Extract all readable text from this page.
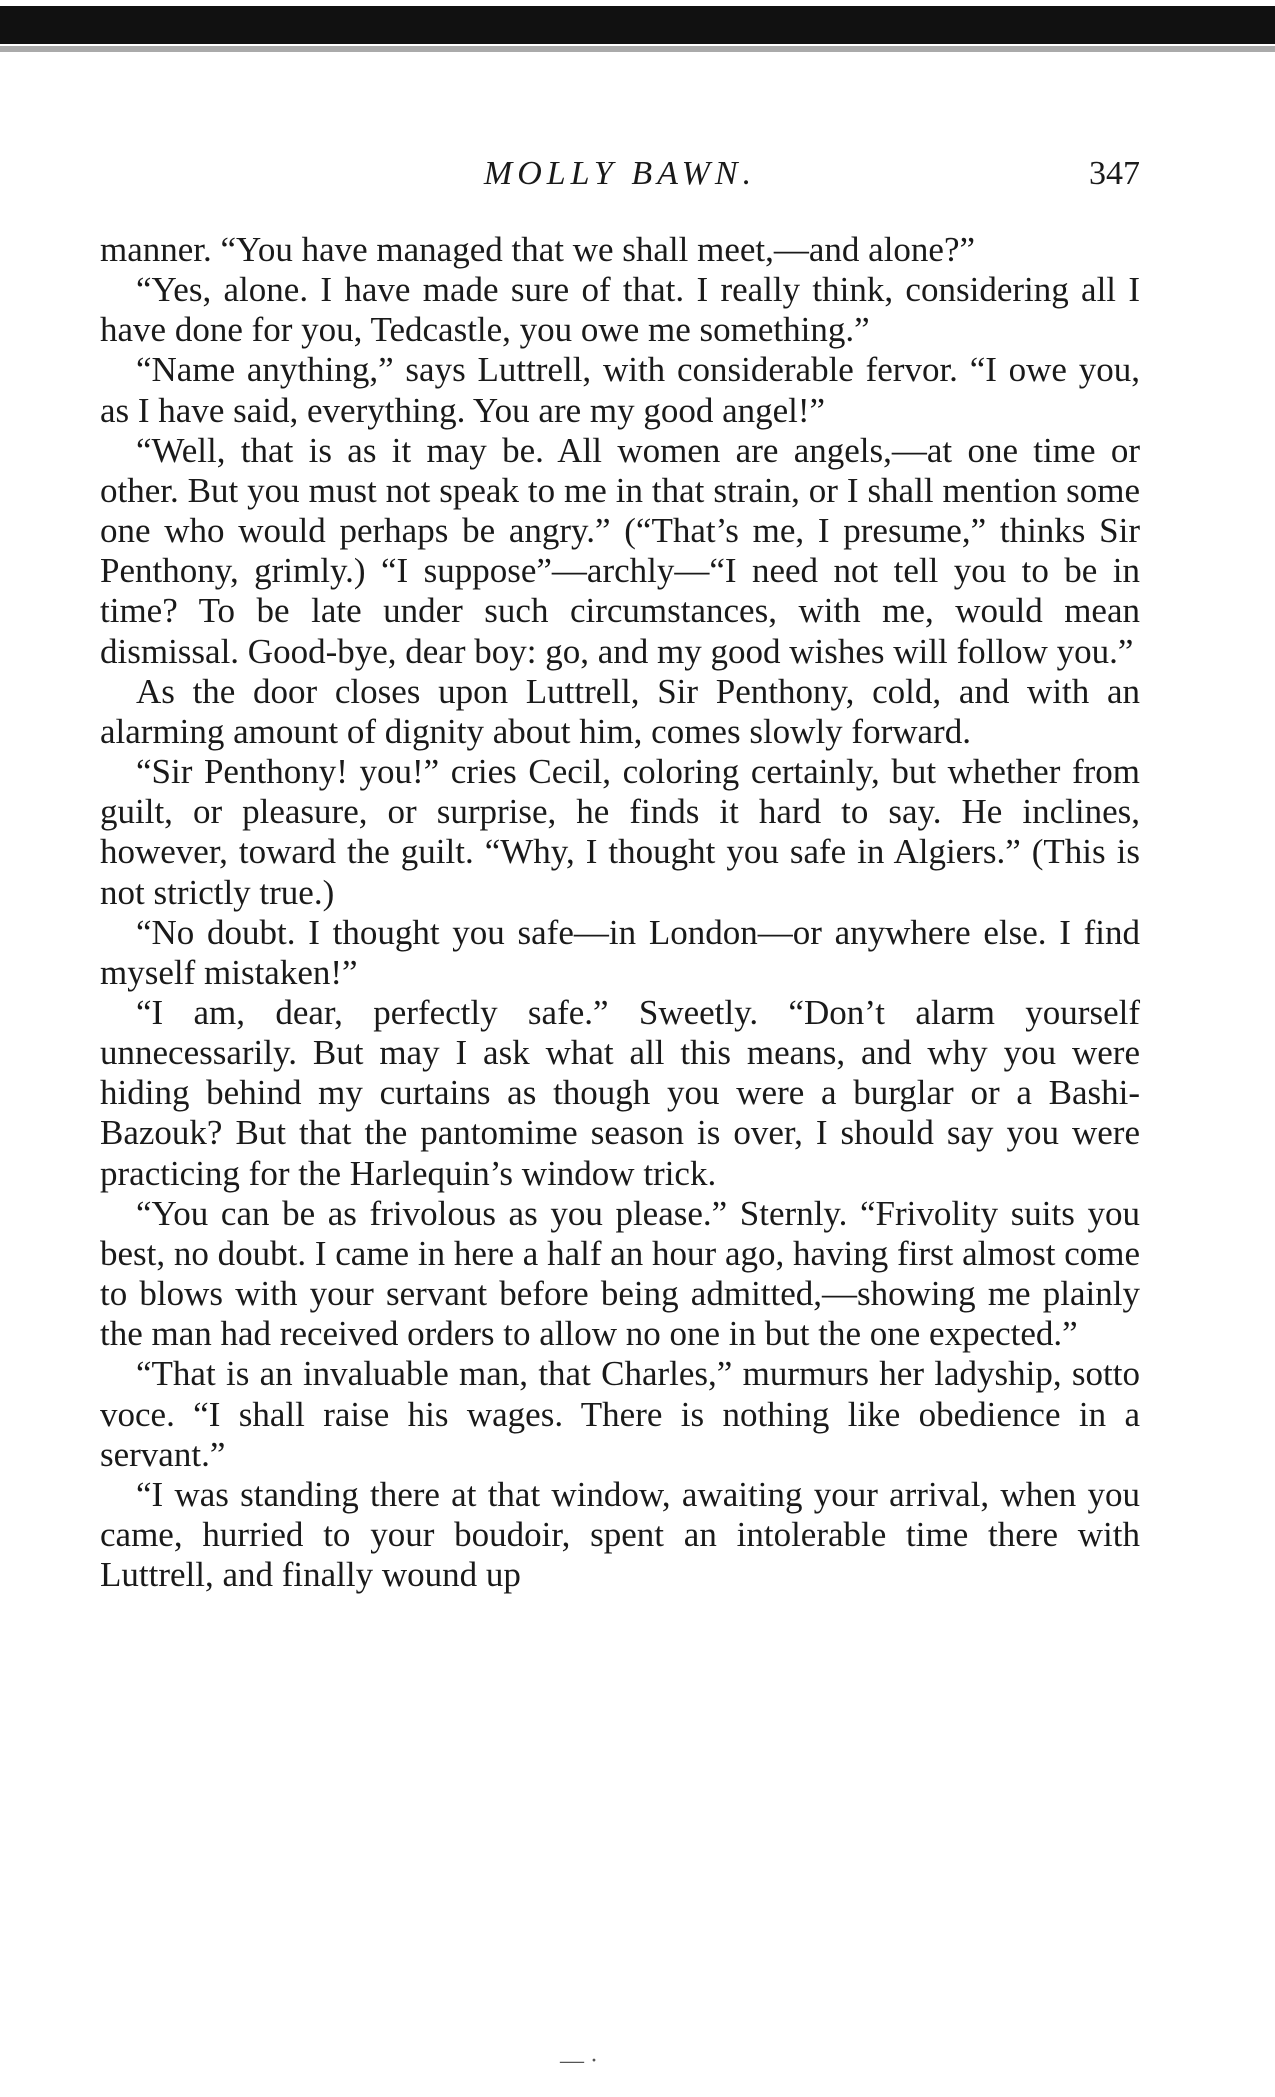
MOLLY BAWN.	347

manner. “You have managed that we shall meet,—and alone?”

“Yes, alone. I have made sure of that. I really think, considering all I have done for you, Tedcastle, you owe me something.”

“Name anything,” says Luttrell, with considerable fervor. “I owe you, as I have said, everything. You are my good angel!”

“Well, that is as it may be. All women are angels,—at one time or other. But you must not speak to me in that strain, or I shall mention some one who would perhaps be angry.” (“That’s me, I presume,” thinks Sir Penthony, grimly.) “I suppose”—archly—“I need not tell you to be in time? To be late under such circumstances, with me, would mean dismissal. Good-bye, dear boy: go, and my good wishes will follow you.”

As the door closes upon Luttrell, Sir Penthony, cold, and with an alarming amount of dignity about him, comes slowly forward.

“Sir Penthony! you!” cries Cecil, coloring certainly, but whether from guilt, or pleasure, or surprise, he finds it hard to say. He inclines, however, toward the guilt. “Why, I thought you safe in Algiers.” (This is not strictly true.)

“No doubt. I thought you safe—in London—or anywhere else. I find myself mistaken!”

“I am, dear, perfectly safe.” Sweetly. “Don’t alarm yourself unnecessarily. But may I ask what all this means, and why you were hiding behind my curtains as though you were a burglar or a Bashi-Bazouk? But that the pantomime season is over, I should say you were practicing for the Harlequin’s window trick.

“You can be as frivolous as you please.” Sternly. “Frivolity suits you best, no doubt. I came in here a half an hour ago, having first almost come to blows with your servant before being admitted,—showing me plainly the man had received orders to allow no one in but the one expected.”

“That is an invaluable man, that Charles,” murmurs her ladyship, sotto voce. “I shall raise his wages. There is nothing like obedience in a servant.”

“I was standing there at that window, awaiting your arrival, when you came, hurried to your boudoir, spent an intolerable time there with Luttrell, and finally wound up

— ·
